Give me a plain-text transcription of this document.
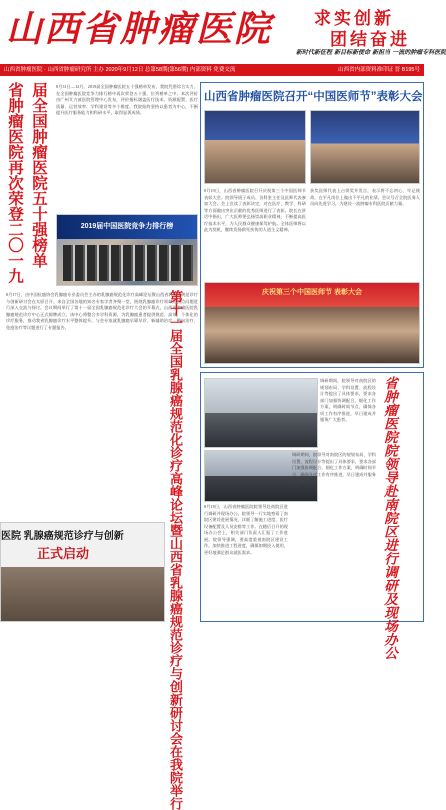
山西省肿瘤医院	求实创新
团结奋进
新时代新征程 新目标新使命 新担当 一流的肿瘤专科医院
山西省肿瘤医院 · 山西省肿瘤研究所 主办 2020年9月12日 总第58期(第56期) 内部资料 免费交流	山西省内部资料准印证 晋 B195号
届全国肿瘤医院五十强榜单
省肿瘤医院再次荣登二〇一九	8月31日—12月，2019届全国肿瘤医院五十强榜单发布，我院凭借综合实力，在全国肿瘤医院竞争力排行榜中再次荣登五十强，位列榜单之中。本次评价由广州艾力彼医院管理中心发布，评价指标涵盖医疗技术、资源配置、医疗质量、运营效率、学科建设等多个维度。我院始终坚持以患者为中心，不断提升医疗服务能力和科研水平，取得显著成绩。
2019届中国医院竞争力排行榜
8月17日，由中国抗癌协会乳腺癌专业委员会主办的乳腺癌规范化诊疗高峰论坛暨山西省乳腺癌规范诊疗与创新研讨会在太原召开。来自全国各地的知名专家学者齐聚一堂，围绕乳腺癌诊疗领域的热点问题进行深入交流与探讨。会议期间举行了第十一届全国乳腺癌规范化诊疗大会的开幕式，山西省肿瘤医院乳腺癌规范诊疗中心正式揭牌成立。该中心将整合多学科资源，为乳腺癌患者提供规范、高效、个体化的诊疗服务，推动我省乳腺癌诊疗水平整体提升。与会专家就乳腺癌早筛早诊、新辅助治疗、靶向治疗、免疫治疗等议题进行了专题报告。	第十一届全国乳腺癌规范化诊疗高峰论坛暨山西省乳腺癌规范诊疗与创新研讨会在我院举行
医院 乳腺癌规范诊疗与创新
正式启动
山西省肿瘤医院召开“中国医师节”表彰大会
8月19日，山西省肿瘤医院召开庆祝第三个中国医师节表彰大会。院领导班子成员、各科室主任及医师代表参加大会。会上宣读了表彰决定，对在医疗、教学、科研等方面做出突出贡献的优秀医师进行了表彰。院长在讲话中指出，广大医师要弘扬崇高职业精神，不断提高医疗技术水平，为人民群众健康保驾护航。全体医师将以此为契机，继续发扬救死扶伤的人道主义精神。
获奖医师代表上台领奖并发言，表示将不忘初心、牢记使命，在平凡岗位上做出不平凡的业绩。会议号召全院医务人员向先进学习，为建设一流肿瘤专科医院贡献力量。
庆祝第三个中国医师节 表彰大会
省肿瘤医院院领导赴南院区进行调研及现场办公
调研期间，院领导对南院区的规划布局、学科设置、流程设计等提出了具体要求，要求各部门加强协调配合，细化工作方案，明确时间节点，确保各项工作有序推进，早日建成并服务广大患者。
8月18日，山西省肿瘤医院院领导赴南院区进行调研并现场办公。院领导一行实地察看了南院区建设进展情况，详细了解施工进度、医疗设备配置及人员安排等工作。在随后召开的现场办公会上，相关部门负责人汇报了工作进展。院领导强调，要高度重视南院区建设工作，加快推进工程进度，确保如期投入使用，更好地满足群众就医需求。
调研期间，院领导对南院区的规划布局、学科设置、流程设计等提出了具体要求，要求各部门加强协调配合，细化工作方案，明确时间节点，确保各项工作有序推进，早日建成并服务广大患者。
